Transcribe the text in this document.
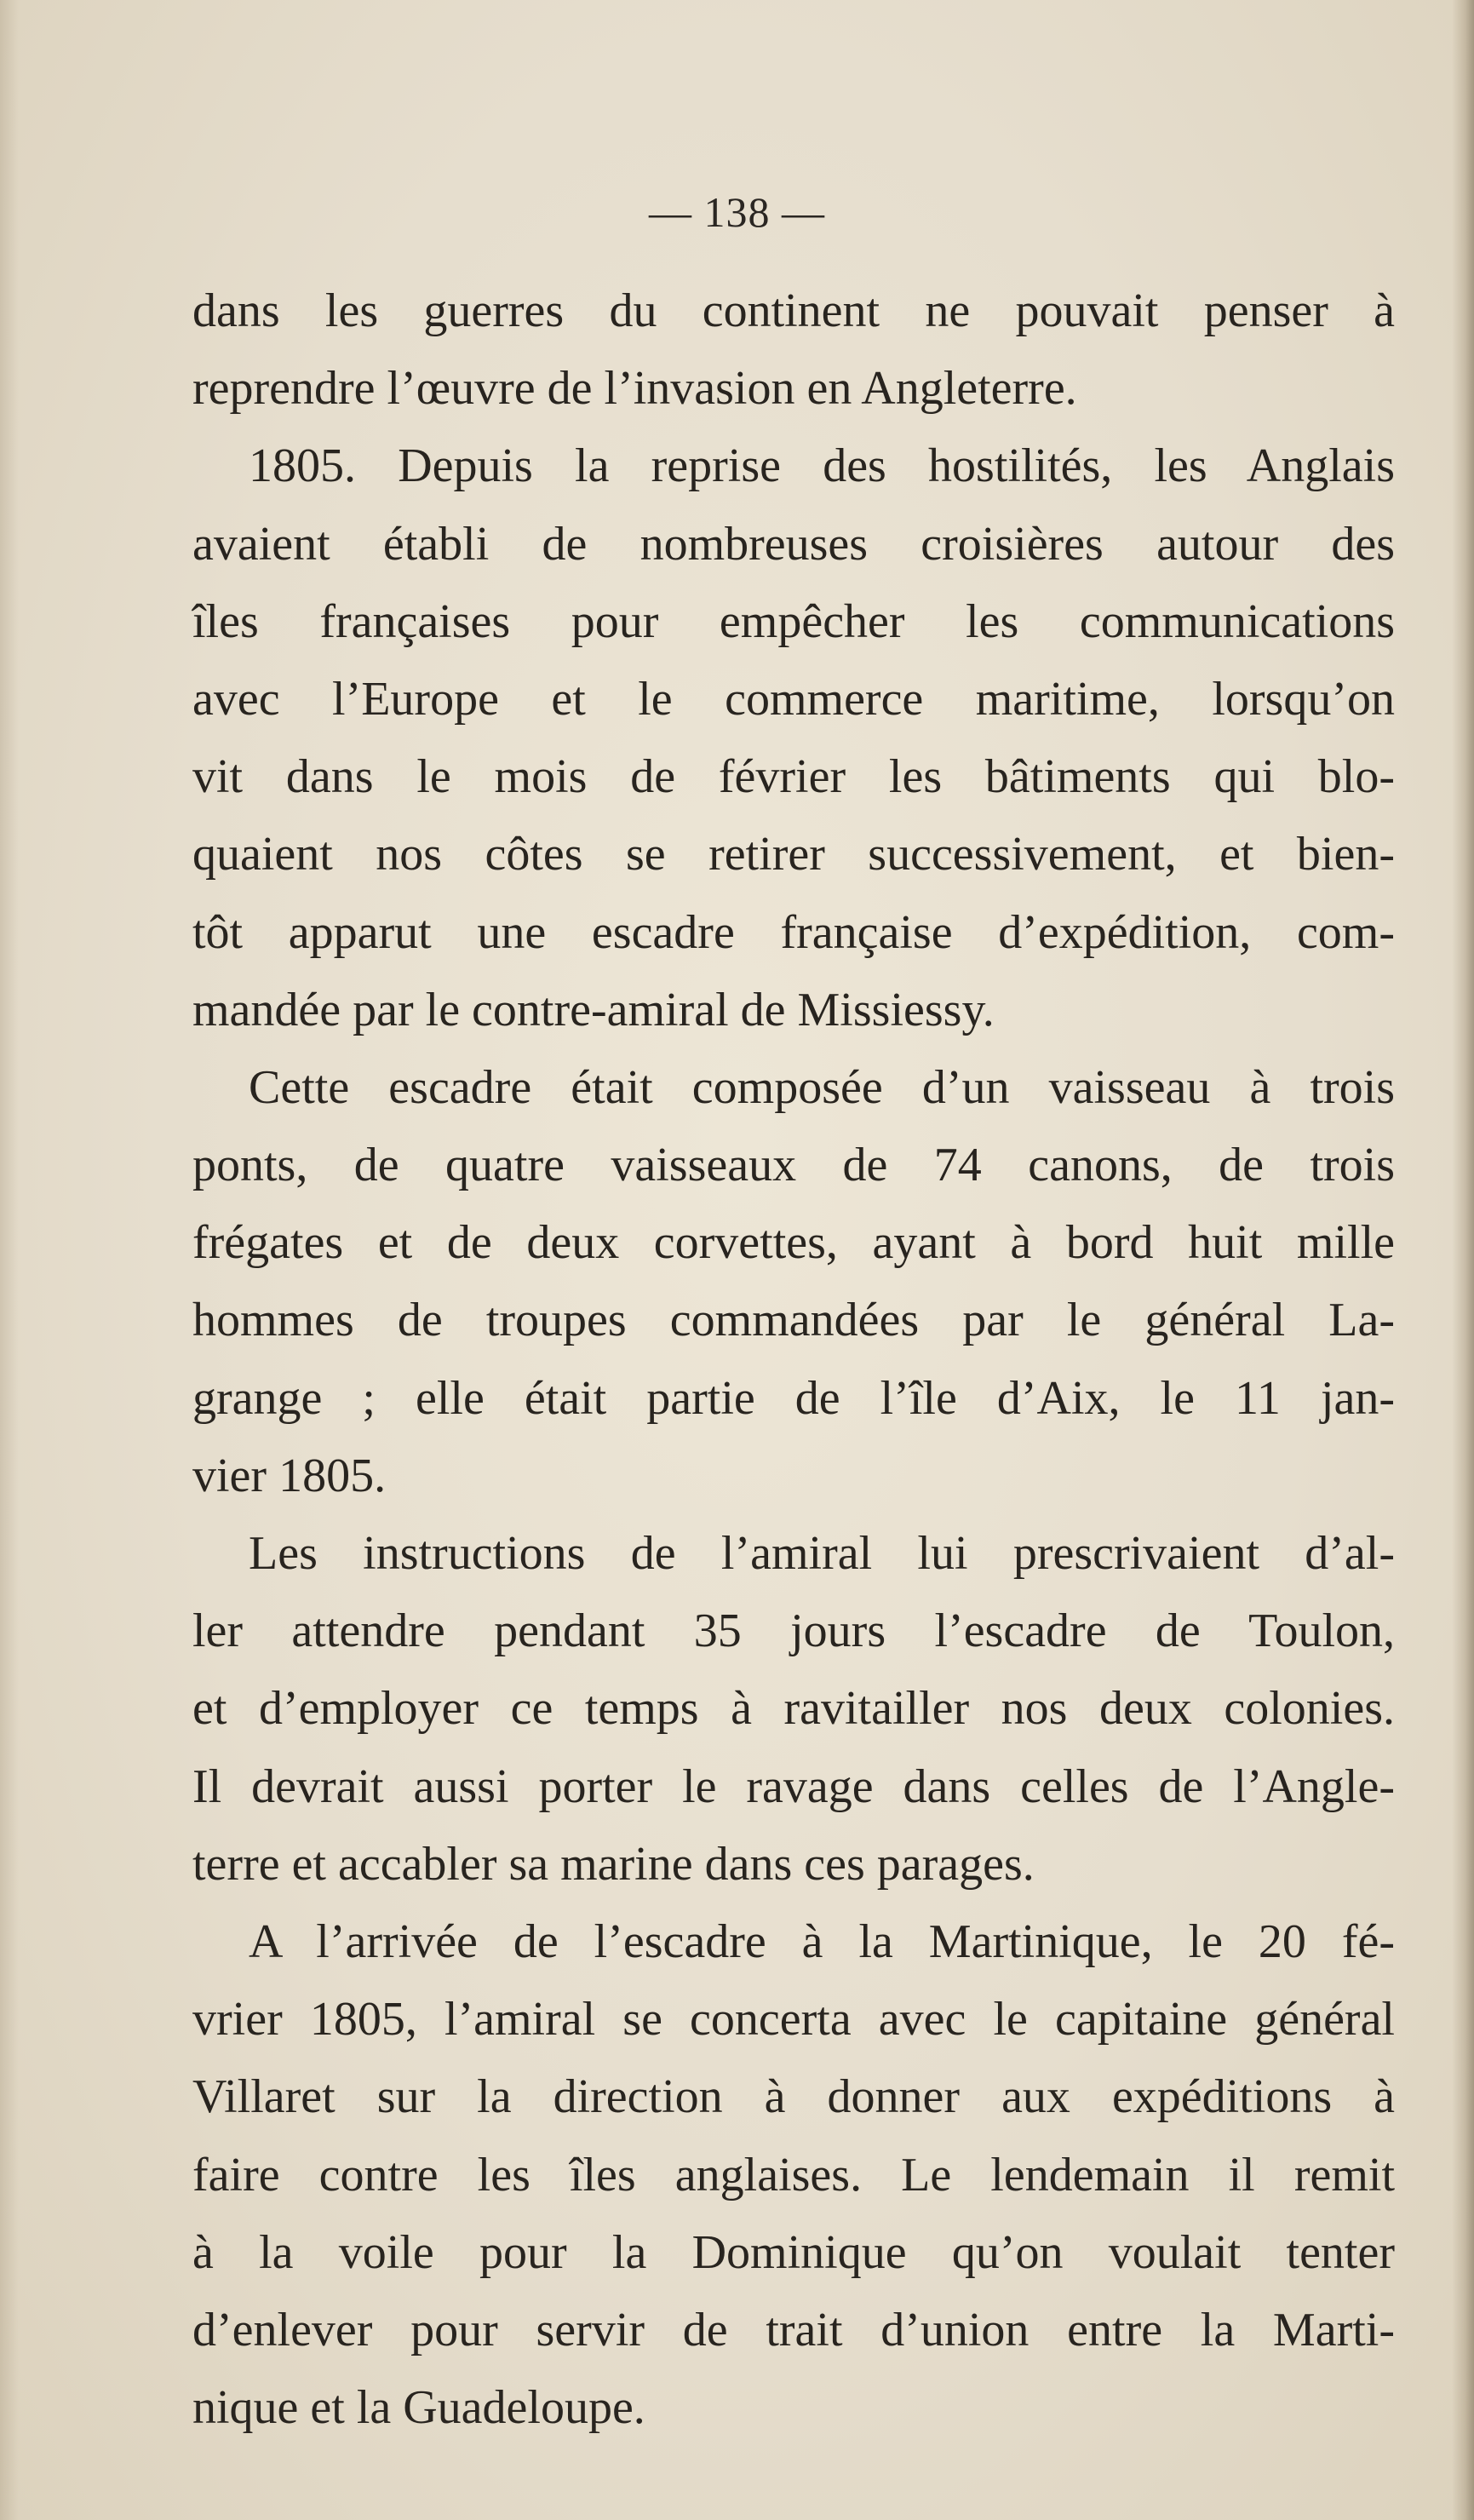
— 138 —
dans les guerres du continent ne pouvait penser à
reprendre l’œuvre de l’invasion en Angleterre.
1805. Depuis la reprise des hostilités, les Anglais
avaient établi de nombreuses croisières autour des
îles françaises pour empêcher les communications
avec l’Europe et le commerce maritime, lorsqu’on
vit dans le mois de février les bâtiments qui blo-
quaient nos côtes se retirer successivement, et bien-
tôt apparut une escadre française d’expédition, com-
mandée par le contre-amiral de Missiessy.
Cette escadre était composée d’un vaisseau à trois
ponts, de quatre vaisseaux de 74 canons, de trois
frégates et de deux corvettes, ayant à bord huit mille
hommes de troupes commandées par le général La-
grange ; elle était partie de l’île d’Aix, le 11 jan-
vier 1805.
Les instructions de l’amiral lui prescrivaient d’al-
ler attendre pendant 35 jours l’escadre de Toulon,
et d’employer ce temps à ravitailler nos deux colonies.
Il devrait aussi porter le ravage dans celles de l’Angle-
terre et accabler sa marine dans ces parages.
A l’arrivée de l’escadre à la Martinique, le 20 fé-
vrier 1805, l’amiral se concerta avec le capitaine général
Villaret sur la direction à donner aux expéditions à
faire contre les îles anglaises. Le lendemain il remit
à la voile pour la Dominique qu’on voulait tenter
d’enlever pour servir de trait d’union entre la Marti-
nique et la Guadeloupe.
